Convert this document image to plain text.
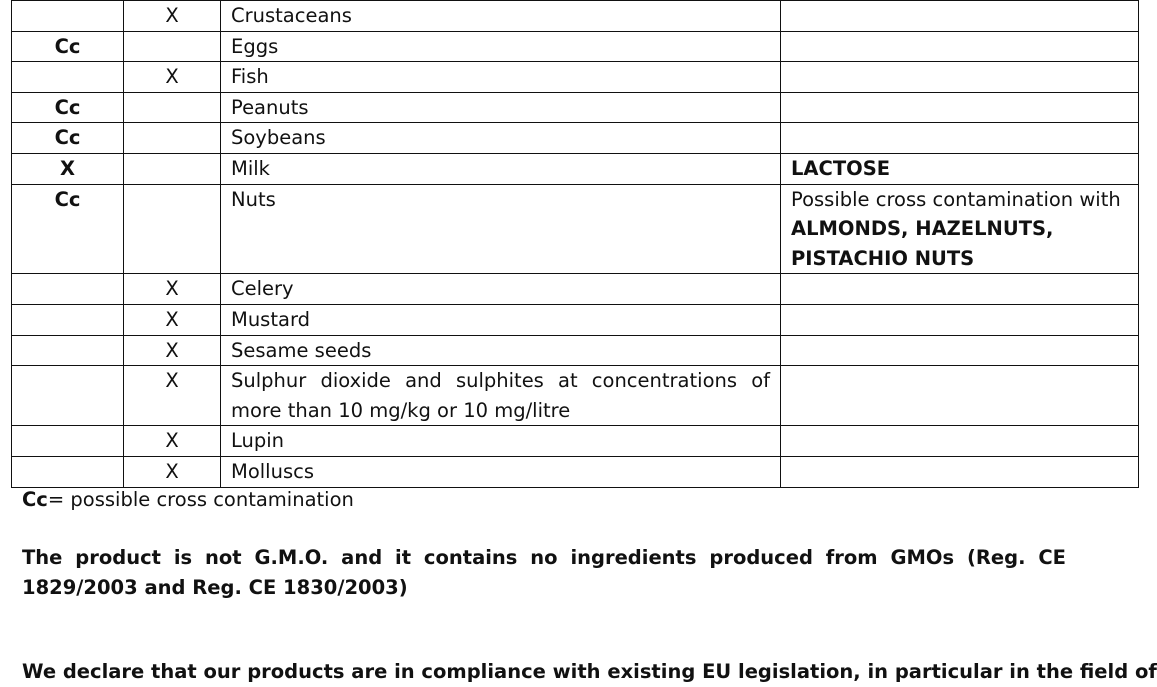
	X	Crustaceans	
Cc		Eggs	
	X	Fish	
Cc		Peanuts	
Cc		Soybeans	
X		Milk	LACTOSE
Cc		Nuts	Possible cross contamination with ALMONDS, HAZELNUTS, PISTACHIO NUTS
	X	Celery	
	X	Mustard	
	X	Sesame seeds	
	X	Sulphur dioxide and sulphites at concentrations of more than 10 mg/kg or 10 mg/litre	
	X	Lupin	
	X	Molluscs	
Cc= possible cross contamination
The product is not G.M.O. and it contains no ingredients produced from GMOs (Reg. CE 1829/2003 and Reg. CE 1830/2003)
We declare that our products are in compliance with existing EU legislation, in particular in the field of
